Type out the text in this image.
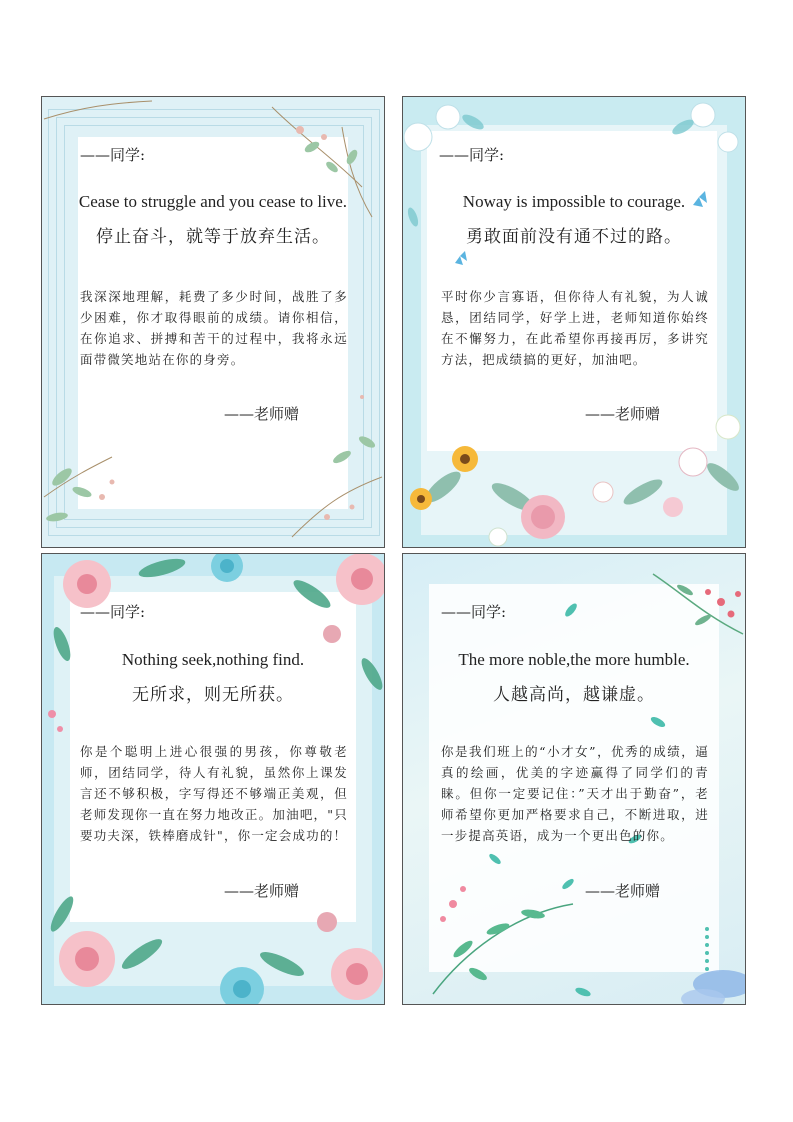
——同学:
Cease to struggle and you cease to live.
停止奋斗，就等于放弃生活。
我深深地理解，耗费了多少时间，战胜了多少困难，你才取得眼前的成绩。请你相信，在你追求、拼搏和苦干的过程中，我将永远面带微笑地站在你的身旁。
——老师赠
——同学:
Noway is impossible to courage.
勇敢面前没有通不过的路。
平时你少言寡语，但你待人有礼貌，为人诚恳，团结同学，好学上进，老师知道你始终在不懈努力，在此希望你再接再厉，多讲究方法，把成绩搞的更好，加油吧。
——老师赠
——同学:
Nothing seek,nothing find.
无所求，则无所获。
你是个聪明上进心很强的男孩，你尊敬老师，团结同学，待人有礼貌，虽然你上课发言还不够积极，字写得还不够端正美观，但老师发现你一直在努力地改正。加油吧，"只要功夫深，铁棒磨成针"，你一定会成功的！
——老师赠
——同学:
The more noble,the more humble.
人越高尚，越谦虚。
你是我们班上的“小才女”，优秀的成绩，逼真的绘画，优美的字迹赢得了同学们的青睐。但你一定要记住：”天才出于勤奋”，老师希望你更加严格要求自己，不断进取，进一步提高英语，成为一个更出色的你。
——老师赠
